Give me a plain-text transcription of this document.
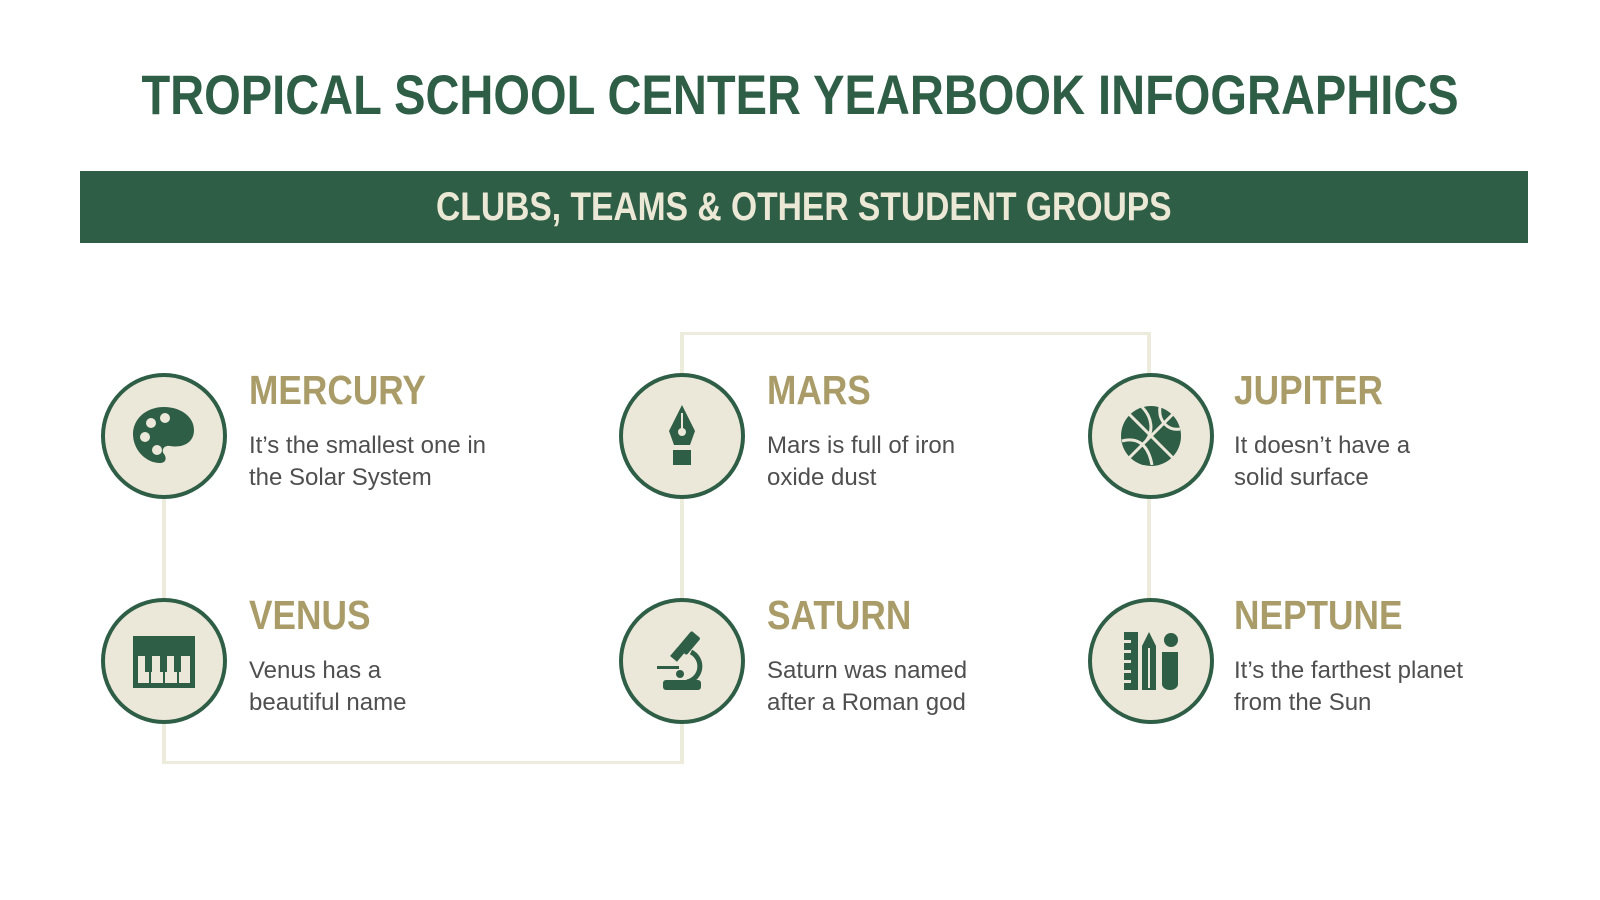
TROPICAL SCHOOL CENTER YEARBOOK INFOGRAPHICS
CLUBS, TEAMS & OTHER STUDENT GROUPS
MERCURY

It’s the smallest one in the Solar System

VENUS

Venus has a beautiful name

MARS

Mars is full of iron oxide dust

SATURN

Saturn was named after a Roman god

JUPITER

It doesn’t have a solid surface

NEPTUNE

It’s the farthest planet from the Sun
